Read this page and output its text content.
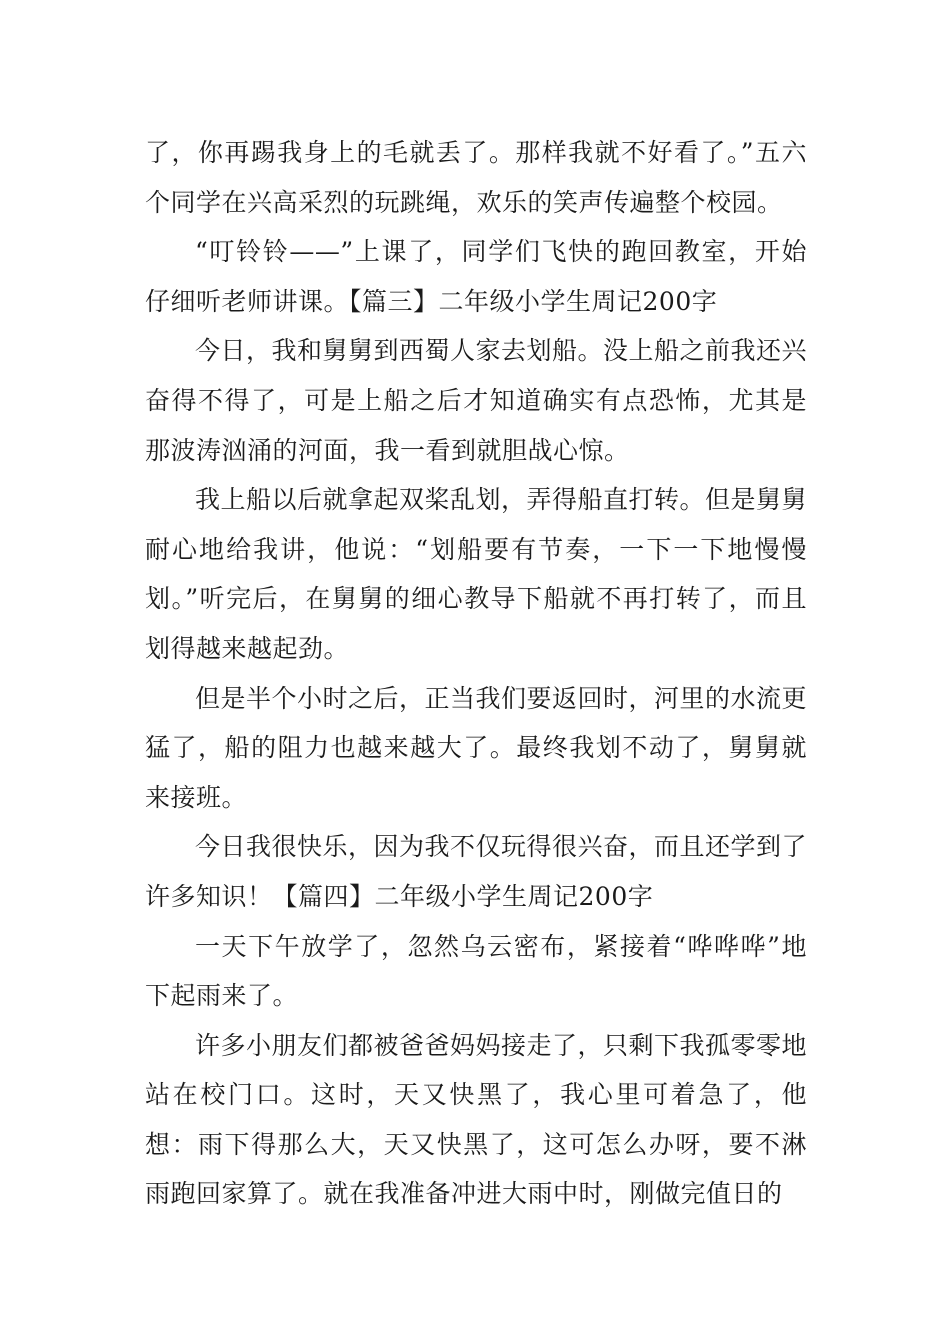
了，你再踢我身上的毛就丢了。那样我就不好看了。”五六个同学在兴高采烈的玩跳绳，欢乐的笑声传遍整个校园。

“叮铃铃——”上课了，同学们飞快的跑回教室，开始仔细听老师讲课。【篇三】二年级小学生周记200字

今日，我和舅舅到西蜀人家去划船。没上船之前我还兴奋得不得了，可是上船之后才知道确实有点恐怖，尤其是那波涛汹涌的河面，我一看到就胆战心惊。

我上船以后就拿起双桨乱划，弄得船直打转。但是舅舅耐心地给我讲，他说：“划船要有节奏，一下一下地慢慢划。”听完后，在舅舅的细心教导下船就不再打转了，而且划得越来越起劲。

但是半个小时之后，正当我们要返回时，河里的水流更猛了，船的阻力也越来越大了。最终我划不动了，舅舅就来接班。

今日我很快乐，因为我不仅玩得很兴奋，而且还学到了许多知识！【篇四】二年级小学生周记200字

一天下午放学了，忽然乌云密布，紧接着“哗哗哗”地下起雨来了。

许多小朋友们都被爸爸妈妈接走了，只剩下我孤零零地站在校门口。这时，天又快黑了，我心里可着急了，他想：雨下得那么大，天又快黑了，这可怎么办呀，要不淋雨跑回家算了。就在我准备冲进大雨中时，刚做完值日的
